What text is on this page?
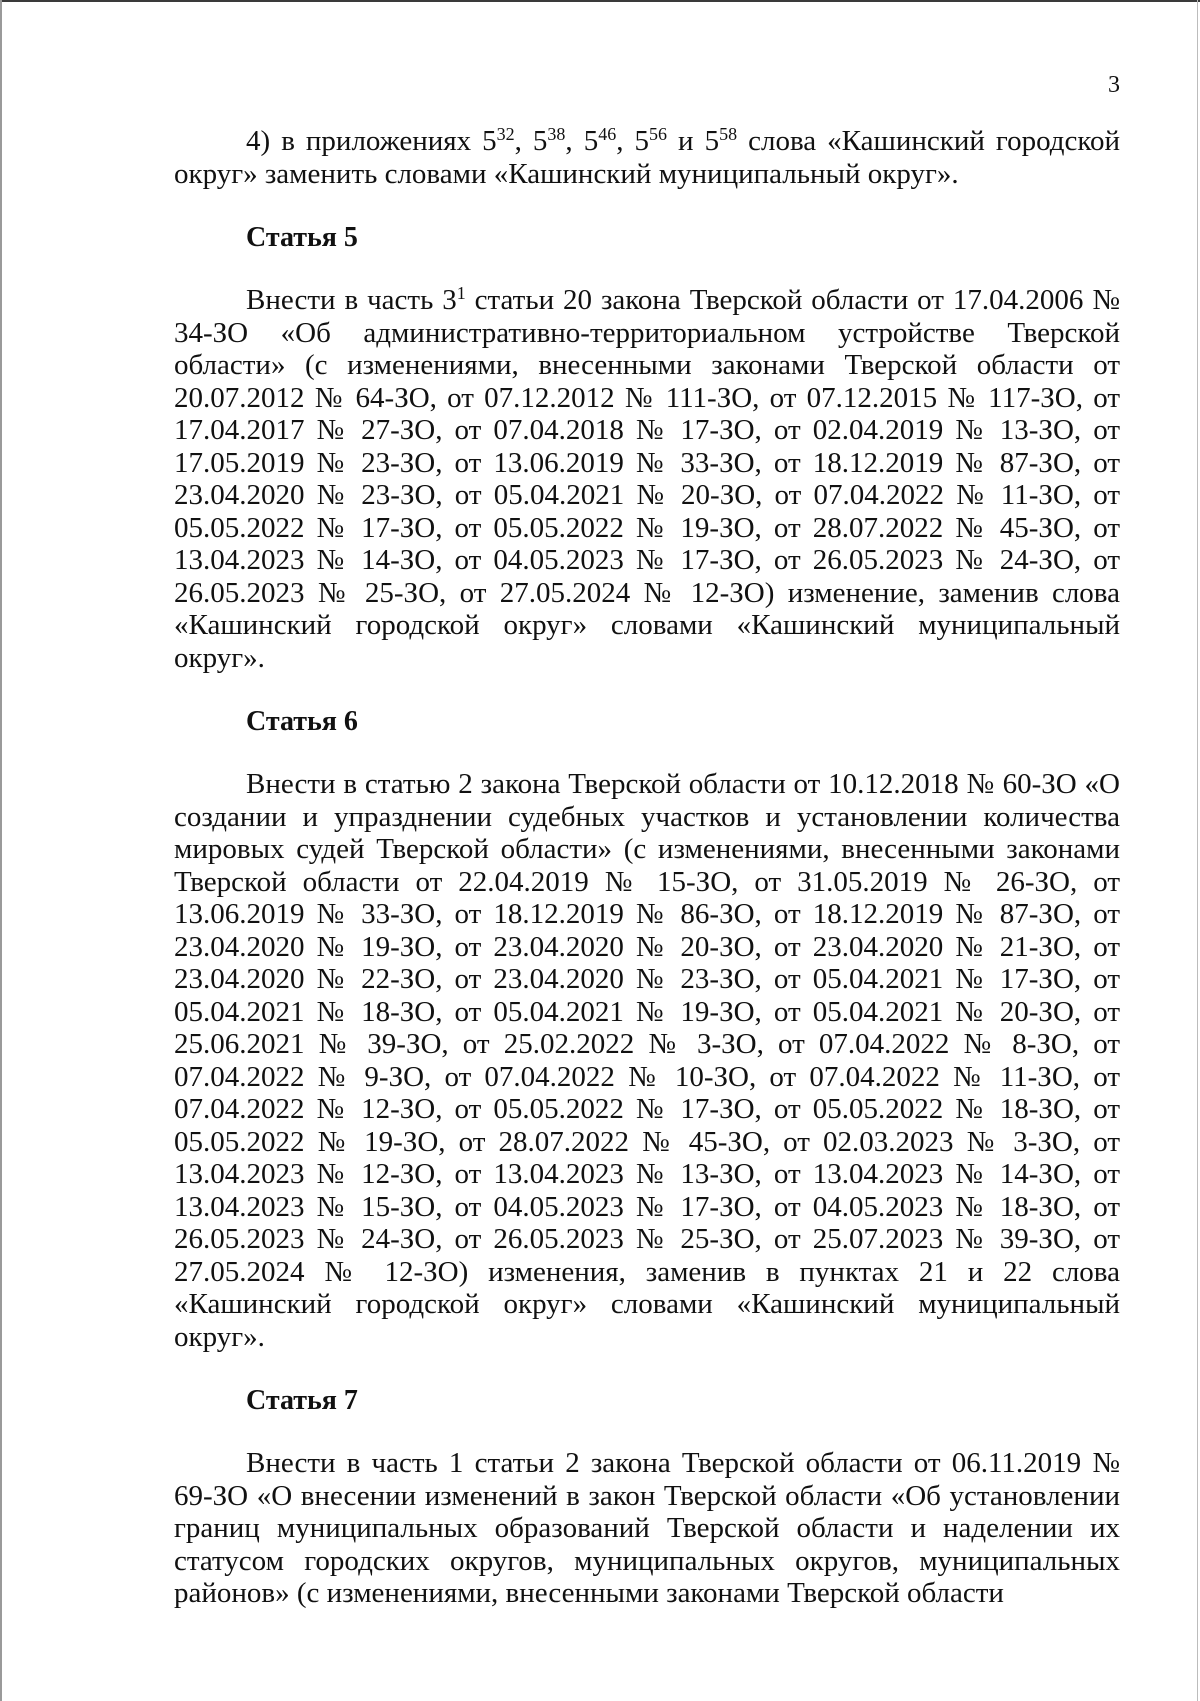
3

4) в приложениях $5^{32}$, $5^{38}$, $5^{46}$, $5^{56}$ и $5^{58}$ слова «Кашинский городской округ» заменить словами «Кашинский муниципальный округ».

Статья 5

Внести в часть $3^1$ статьи 20 закона Тверской области от 17.04.2006 № 34-ЗО «Об административно-территориальном устройстве Тверской области» (с изменениями, внесенными законами Тверской области от 20.07.2012 № 64-ЗО, от 07.12.2012 № 111-ЗО, от 07.12.2015 № 117-ЗО, от 17.04.2017 № 27-ЗО, от 07.04.2018 № 17-ЗО, от 02.04.2019 № 13-ЗО, от 17.05.2019 № 23-ЗО, от 13.06.2019 № 33-ЗО, от 18.12.2019 № 87-ЗО, от 23.04.2020 № 23-ЗО, от 05.04.2021 № 20-ЗО, от 07.04.2022 № 11-ЗО, от 05.05.2022 № 17-ЗО, от 05.05.2022 № 19-ЗО, от 28.07.2022 № 45-ЗО, от 13.04.2023 № 14-ЗО, от 04.05.2023 № 17-ЗО, от 26.05.2023 № 24-ЗО, от 26.05.2023 № 25-ЗО, от 27.05.2024 № 12-ЗО) изменение, заменив слова «Кашинский городской округ» словами «Кашинский муниципальный округ».

Статья 6

Внести в статью 2 закона Тверской области от 10.12.2018 № 60-ЗО «О создании и упразднении судебных участков и установлении количества мировых судей Тверской области» (с изменениями, внесенными законами Тверской области от 22.04.2019 № 15-ЗО, от 31.05.2019 № 26-ЗО, от 13.06.2019 № 33-ЗО, от 18.12.2019 № 86-ЗО, от 18.12.2019 № 87-ЗО, от 23.04.2020 № 19-ЗО, от 23.04.2020 № 20-ЗО, от 23.04.2020 № 21-ЗО, от 23.04.2020 № 22-ЗО, от 23.04.2020 № 23-ЗО, от 05.04.2021 № 17-ЗО, от 05.04.2021 № 18-ЗО, от 05.04.2021 № 19-ЗО, от 05.04.2021 № 20-ЗО, от 25.06.2021 № 39-ЗО, от 25.02.2022 № 3-ЗО, от 07.04.2022 № 8-ЗО, от 07.04.2022 № 9-ЗО, от 07.04.2022 № 10-ЗО, от 07.04.2022 № 11-ЗО, от 07.04.2022 № 12-ЗО, от 05.05.2022 № 17-ЗО, от 05.05.2022 № 18-ЗО, от 05.05.2022 № 19-ЗО, от 28.07.2022 № 45-ЗО, от 02.03.2023 № 3-ЗО, от 13.04.2023 № 12-ЗО, от 13.04.2023 № 13-ЗО, от 13.04.2023 № 14-ЗО, от 13.04.2023 № 15-ЗО, от 04.05.2023 № 17-ЗО, от 04.05.2023 № 18-ЗО, от 26.05.2023 № 24-ЗО, от 26.05.2023 № 25-ЗО, от 25.07.2023 № 39-ЗО, от 27.05.2024 № 12-ЗО) изменения, заменив в пунктах 21 и 22 слова «Кашинский городской округ» словами «Кашинский муниципальный округ».

Статья 7

Внести в часть 1 статьи 2 закона Тверской области от 06.11.2019 № 69-ЗО «О внесении изменений в закон Тверской области «Об установлении границ муниципальных образований Тверской области и наделении их статусом городских округов, муниципальных округов, муниципальных районов» (с изменениями, внесенными законами Тверской области
